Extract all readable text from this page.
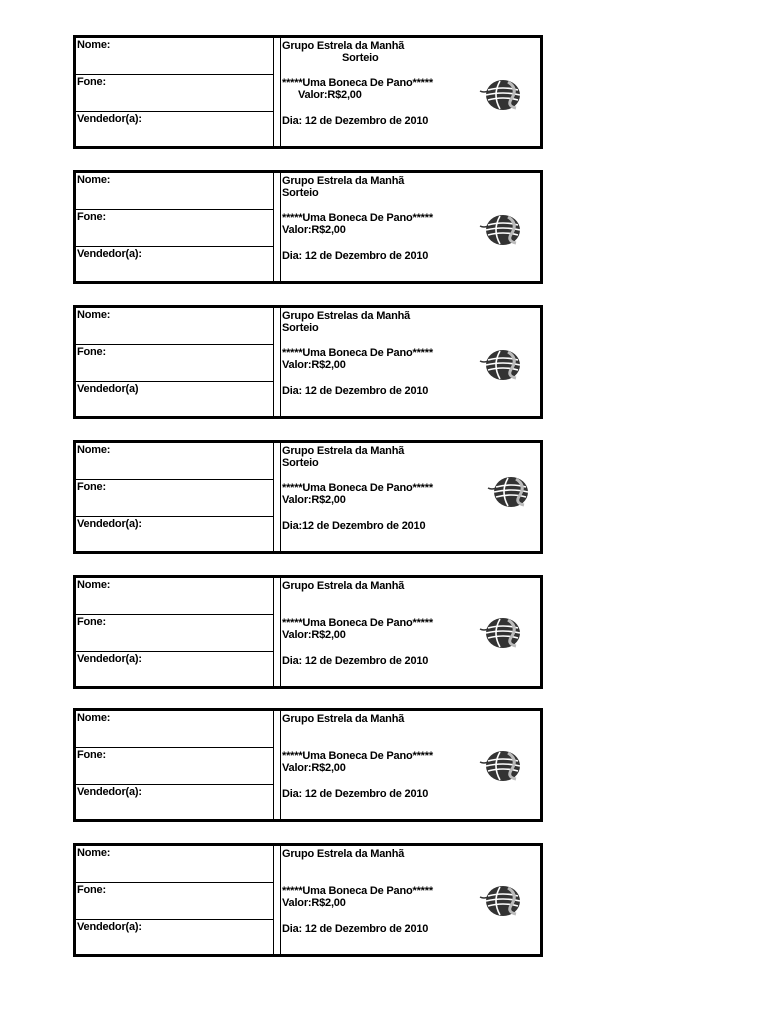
Nome:
Fone:
Vendedor(a):
Grupo Estrela da Manhã
Sorteio
*****Uma Boneca De Pano*****
Valor:R$2,00
Dia: 12 de Dezembro de 2010
Nome:
Fone:
Vendedor(a):
Grupo Estrela da Manhã
Sorteio
*****Uma Boneca De Pano*****
Valor:R$2,00
Dia: 12 de Dezembro de 2010
Nome:
Fone:
Vendedor(a)
Grupo Estrelas da Manhã
Sorteio
*****Uma Boneca De Pano*****
Valor:R$2,00
Dia: 12 de Dezembro de 2010
Nome:
Fone:
Vendedor(a):
Grupo Estrela da Manhã
Sorteio
*****Uma Boneca De Pano*****
Valor:R$2,00
Dia:12 de Dezembro de 2010
Nome:
Fone:
Vendedor(a):
Grupo Estrela da Manhã
*****Uma Boneca De Pano*****
Valor:R$2,00
Dia: 12 de Dezembro de 2010
Nome:
Fone:
Vendedor(a):
Grupo Estrela da Manhã
*****Uma Boneca De Pano*****
Valor:R$2,00
Dia: 12 de Dezembro de 2010
Nome:
Fone:
Vendedor(a):
Grupo Estrela da Manhã
*****Uma Boneca De Pano*****
Valor:R$2,00
Dia: 12 de Dezembro de 2010
